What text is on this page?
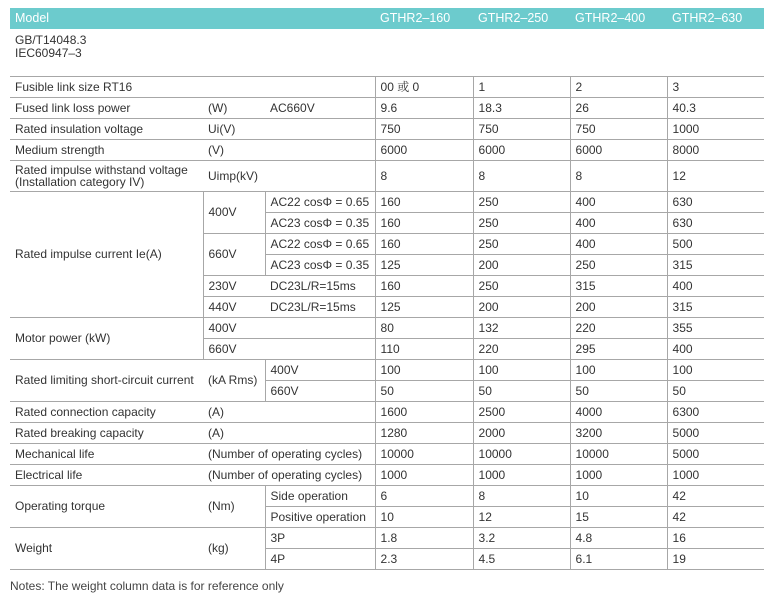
Model			GTHR2–160	GTHR2–250	GTHR2–400	GTHR2–630

GB/T14048.3
IEC60947–3						

Fusible link size RT16			00 或 0	1	2	3
Fused link loss power	(W)	AC660V	9.6	18.3	26	40.3
Rated insulation voltage	Ui(V)		750	750	750	1000
Medium strength	(V)		6000	6000	6000	8000

Rated impulse withstand voltage
(Installation category IV)	Uimp(kV)		8	8	8	12
Rated impulse current Ie(A)	400V	AC22 cosΦ = 0.65	160	250	400	630
		AC23 cosΦ = 0.35	160	250	400	630
	660V	AC22 cosΦ = 0.65	160	250	400	500
		AC23 cosΦ = 0.35	125	200	250	315
	230V	DC23L/R=15ms	160	250	315	400
	440V	DC23L/R=15ms	125	200	200	315
Motor power (kW)	400V		80	132	220	355
	660V		110	220	295	400
Rated limiting short-circuit current	(kA Rms)	400V	100	100	100	100
		660V	50	50	50	50
Rated connection capacity	(A)		1600	2500	4000	6300
Rated breaking capacity	(A)		1280	2000	3200	5000
Mechanical life	(Number of operating cycles)		10000	10000	10000	5000
Electrical life	(Number of operating cycles)		1000	1000	1000	1000
Operating torque	(Nm)	Side operation	6	8	10	42
		Positive operation	10	12	15	42
Weight	(kg)	3P	1.8	3.2	4.8	16
		4P	2.3	4.5	6.1	19
Notes: The weight column data is for reference only
